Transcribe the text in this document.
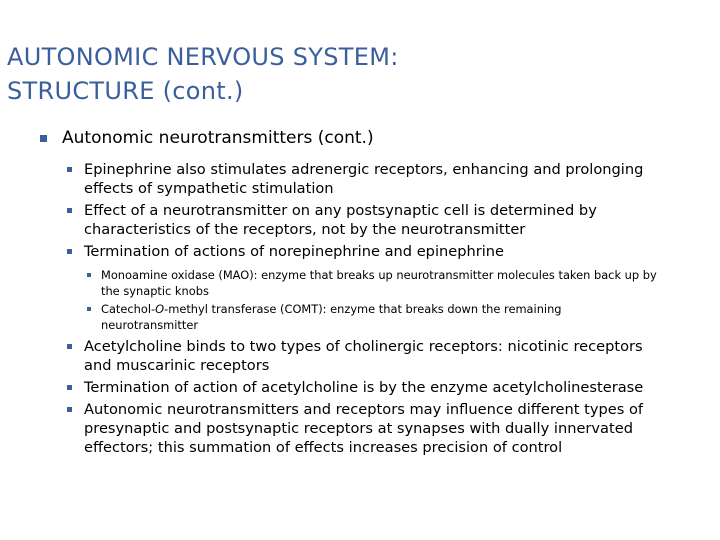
AUTONOMIC NERVOUS SYSTEM:
STRUCTURE (cont.)
Autonomic neurotransmitters (cont.)
Epinephrine also stimulates adrenergic receptors, enhancing and prolonging effects of sympathetic stimulation
Effect of a neurotransmitter on any postsynaptic cell is determined by characteristics of the receptors, not by the neurotransmitter
Termination of actions of norepinephrine and epinephrine
Monoamine oxidase (MAO): enzyme that breaks up neurotransmitter molecules taken back up by the synaptic knobs
Catechol-O-methyl transferase (COMT): enzyme that breaks down the remaining neurotransmitter
Acetylcholine binds to two types of cholinergic receptors: nicotinic receptors and muscarinic receptors
Termination of action of acetylcholine is by the enzyme acetylcholinesterase
Autonomic neurotransmitters and receptors may influence different types of presynaptic and postsynaptic receptors at synapses with dually innervated effectors; this summation of effects increases precision of control
